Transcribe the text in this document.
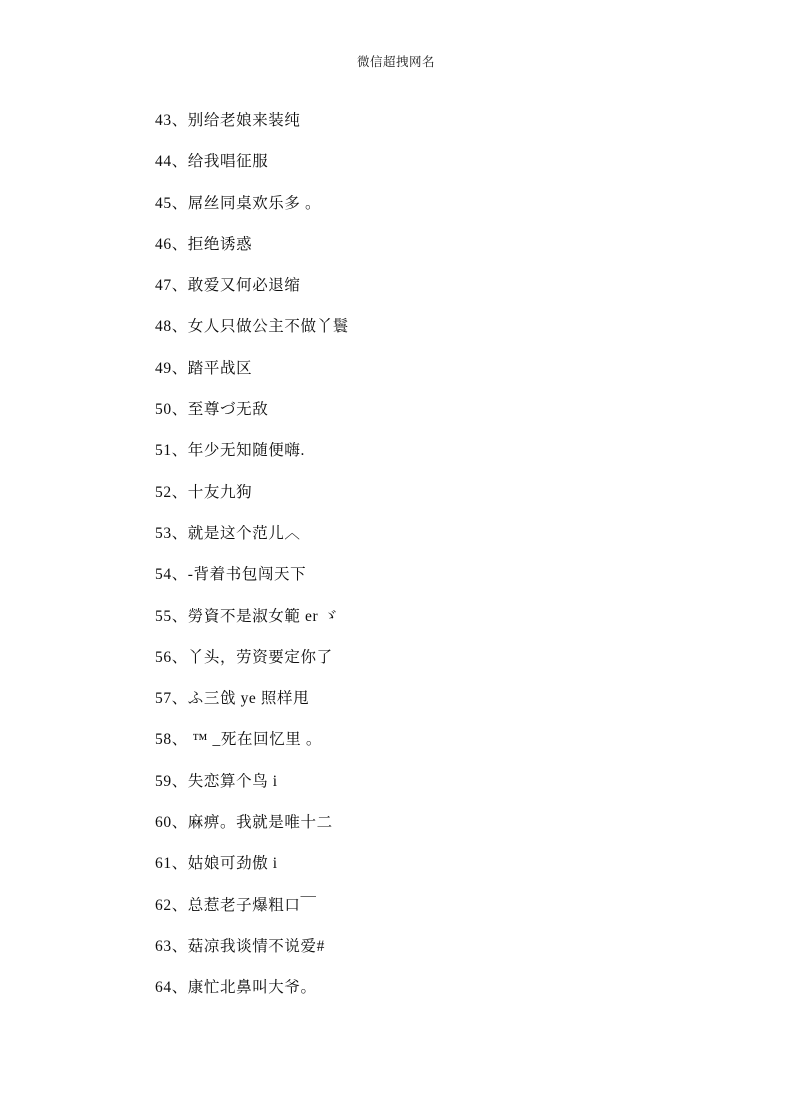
微信超拽网名
43、别给老娘来装纯
44、给我唱征服
45、屌丝同桌欢乐多 ｡
46、拒绝诱惑
47、敢爱又何必退缩
48、女人只做公主不做丫鬟
49、踏平战区
50、至尊づ无敌
51、年少无知随便嗨.
52、十友九狗
53、就是这个范儿︿
54、-背着书包闯天下
55、勞資不是淑女範 er ゞ
56、丫头，劳资要定你了
57、ふ三戗 ye 照样甩
58、 ™ _死在回忆里 ｡
59、失恋算个鸟 i
60、麻痹。我就是唯十二
61、姑娘可劲傲 i
62、总惹老子爆粗口￣
63、菇凉我谈情不说爱#
64、康忙北鼻叫大爷。
